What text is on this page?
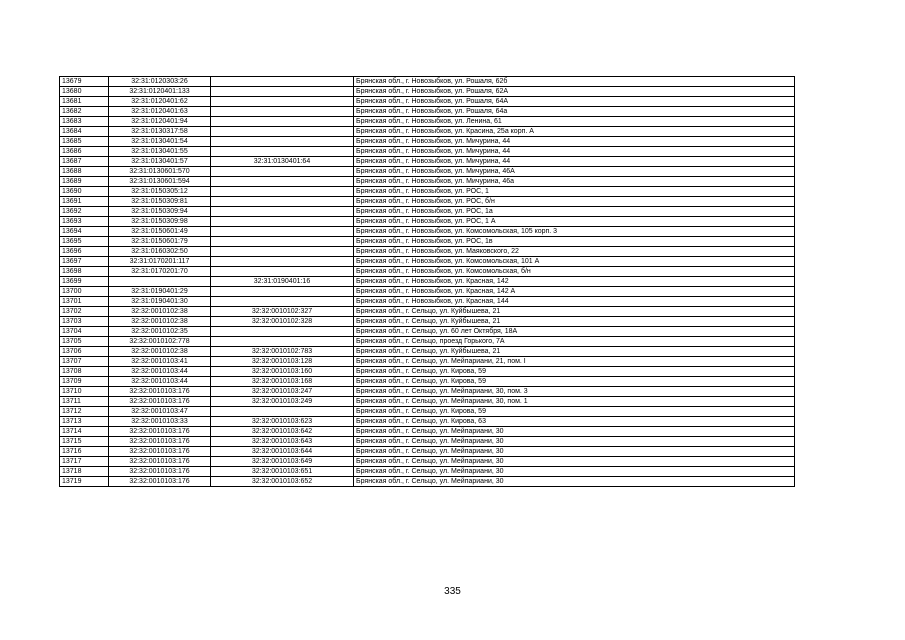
13679	32:31:0120303:26		Брянская обл., г. Новозыбков, ул. Рошаля, 62б
13680	32:31:0120401:133		Брянская обл., г. Новозыбков, ул. Рошаля, 62А
13681	32:31:0120401:62		Брянская обл., г. Новозыбков, ул. Рошаля, 64А
13682	32:31:0120401:63		Брянская обл., г. Новозыбков, ул. Рошаля, 64а
13683	32:31:0120401:94		Брянская обл., г. Новозыбков, ул. Ленина, 61
13684	32:31:0130317:58		Брянская обл., г. Новозыбков, ул. Красина, 25а корп. А
13685	32:31:0130401:54		Брянская обл., г. Новозыбков, ул. Мичурина, 44
13686	32:31:0130401:55		Брянская обл., г. Новозыбков, ул. Мичурина, 44
13687	32:31:0130401:57	32:31:0130401:64	Брянская обл., г. Новозыбков, ул. Мичурина, 44
13688	32:31:0130601:570		Брянская обл., г. Новозыбков, ул. Мичурина, 46А
13689	32:31:0130601:594		Брянская обл., г. Новозыбков, ул. Мичурина, 46а
13690	32:31:0150305:12		Брянская обл., г. Новозыбков, ул. РОС, 1
13691	32:31:0150309:81		Брянская обл., г. Новозыбков, ул. РОС, б/н
13692	32:31:0150309:94		Брянская обл., г. Новозыбков, ул. РОС, 1а
13693	32:31:0150309:98		Брянская обл., г. Новозыбков, ул. РОС, 1 А
13694	32:31:0150601:49		Брянская обл., г. Новозыбков, ул. Комсомольская, 105 корп. 3
13695	32:31:0150601:79		Брянская обл., г. Новозыбков, ул. РОС, 1в
13696	32:31:0160302:50		Брянская обл., г. Новозыбков, ул. Маяковского, 22
13697	32:31:0170201:117		Брянская обл., г. Новозыбков, ул. Комсомольская, 101 А
13698	32:31:0170201:70		Брянская обл., г. Новозыбков, ул. Комсомольская, б/н
13699		32:31:0190401:16	Брянская обл., г. Новозыбков, ул. Красная, 142
13700	32:31:0190401:29		Брянская обл., г. Новозыбков, ул. Красная, 142 А
13701	32:31:0190401:30		Брянская обл., г. Новозыбков, ул. Красная, 144
13702	32:32:0010102:38	32:32:0010102:327	Брянская обл., г. Сельцо, ул. Куйбышева, 21
13703	32:32:0010102:38	32:32:0010102:328	Брянская обл., г. Сельцо, ул. Куйбышева, 21
13704	32:32:0010102:35		Брянская обл., г. Сельцо, ул. 60 лет Октября, 18А
13705	32:32:0010102:778		Брянская обл., г. Сельцо, проезд Горького, 7А
13706	32:32:0010102:38	32:32:0010102:783	Брянская обл., г. Сельцо, ул. Куйбышева, 21
13707	32:32:0010103:41	32:32:0010103:128	Брянская обл., г. Сельцо, ул. Мейпариани, 21, пом. I
13708	32:32:0010103:44	32:32:0010103:160	Брянская обл., г. Сельцо, ул. Кирова, 59
13709	32:32:0010103:44	32:32:0010103:168	Брянская обл., г. Сельцо, ул. Кирова, 59
13710	32:32:0010103:176	32:32:0010103:247	Брянская обл., г. Сельцо, ул. Мейпариани, 30, пом. 3
13711	32:32:0010103:176	32:32:0010103:249	Брянская обл., г. Сельцо, ул. Мейпариани, 30, пом. 1
13712	32:32:0010103:47		Брянская обл., г. Сельцо, ул. Кирова, 59
13713	32:32:0010103:33	32:32:0010103:623	Брянская обл., г. Сельцо, ул. Кирова, 63
13714	32:32:0010103:176	32:32:0010103:642	Брянская обл., г. Сельцо, ул. Мейпариани, 30
13715	32:32:0010103:176	32:32:0010103:643	Брянская обл., г. Сельцо, ул. Мейпариани, 30
13716	32:32:0010103:176	32:32:0010103:644	Брянская обл., г. Сельцо, ул. Мейпариани, 30
13717	32:32:0010103:176	32:32:0010103:649	Брянская обл., г. Сельцо, ул. Мейпариани, 30
13718	32:32:0010103:176	32:32:0010103:651	Брянская обл., г. Сельцо, ул. Мейпариани, 30
13719	32:32:0010103:176	32:32:0010103:652	Брянская обл., г. Сельцо, ул. Мейпариани, 30
335
